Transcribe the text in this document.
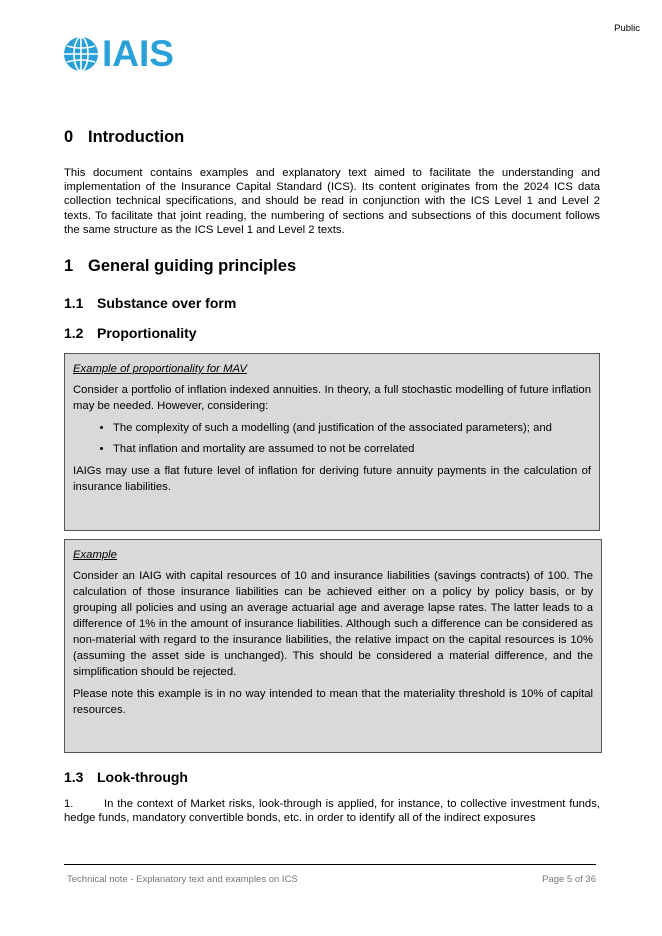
Public
IAIS
0 Introduction

This document contains examples and explanatory text aimed to facilitate the understanding and implementation of the Insurance Capital Standard (ICS). Its content originates from the 2024 ICS data collection technical specifications, and should be read in conjunction with the ICS Level 1 and Level 2 texts. To facilitate that joint reading, the numbering of sections and subsections of this document follows the same structure as the ICS Level 1 and Level 2 texts.

1 General guiding principles
1.1 Substance over form
1.2 Proportionality
Example of proportionality for MAV

Consider a portfolio of inflation indexed annuities. In theory, a full stochastic modelling of future inflation may be needed. However, considering:

• The complexity of such a modelling (and justification of the associated parameters); and
• That inflation and mortality are assumed to not be correlated

IAIGs may use a flat future level of inflation for deriving future annuity payments in the calculation of insurance liabilities.

Example

Consider an IAIG with capital resources of 10 and insurance liabilities (savings contracts) of 100. The calculation of those insurance liabilities can be achieved either on a policy by policy basis, or by grouping all policies and using an average actuarial age and average lapse rates. The latter leads to a difference of 1% in the amount of insurance liabilities. Although such a difference can be considered as non-material with regard to the insurance liabilities, the relative impact on the capital resources is 10% (assuming the asset side is unchanged). This should be considered a material difference, and the simplification should be rejected.

Please note this example is in no way intended to mean that the materiality threshold is 10% of capital resources.

1.3 Look-through

1.	In the context of Market risks, look-through is applied, for instance, to collective investment funds, hedge funds, mandatory convertible bonds, etc. in order to identify all of the indirect exposures

Technical note - Explanatory text and examples on ICS	Page 5 of 36
